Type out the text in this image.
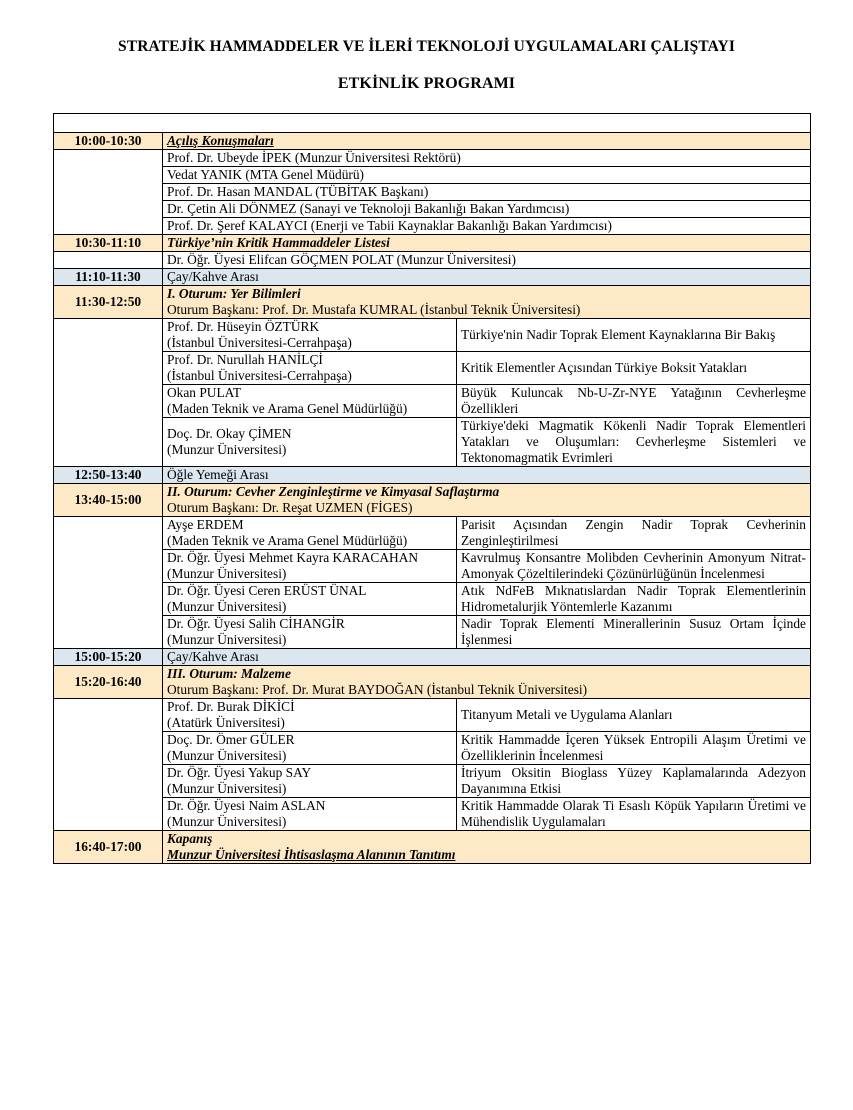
STRATEJİK HAMMADDELER VE İLERİ TEKNOLOJİ UYGULAMALARI ÇALIŞTAYI
ETKİNLİK PROGRAMI

10:00-10:30	Açılış Konuşmaları	
	Prof. Dr. Ubeyde İPEK (Munzur Üniversitesi Rektörü)	
	Vedat YANIK (MTA Genel Müdürü)	
	Prof. Dr. Hasan MANDAL (TÜBİTAK Başkanı)	
	Dr. Çetin Ali DÖNMEZ (Sanayi ve Teknoloji Bakanlığı Bakan Yardımcısı)	
	Prof. Dr. Şeref KALAYCI (Enerji ve Tabii Kaynaklar Bakanlığı Bakan Yardımcısı)	
10:30-11:10	Türkiye’nin Kritik Hammaddeler Listesi	
	Dr. Öğr. Üyesi Elifcan GÖÇMEN POLAT (Munzur Üniversitesi)	
11:10-11:30	Çay/Kahve Arası	
11:30-12:50	I. Oturum: Yer Bilimleri
Oturum Başkanı: Prof. Dr. Mustafa KUMRAL (İstanbul Teknik Üniversitesi)	

	Prof. Dr. Hüseyin ÖZTÜRK
(İstanbul Üniversitesi-Cerrahpaşa)	Türkiye'nin Nadir Toprak Element Kaynaklarına Bir Bakış

	Prof. Dr. Nurullah HANİLÇİ
(İstanbul Üniversitesi-Cerrahpaşa)	Kritik Elementler Açısından Türkiye Boksit Yatakları

	Okan PULAT
(Maden Teknik ve Arama Genel Müdürlüğü)	Büyük Kuluncak Nb-U-Zr-NYE Yatağının Cevherleşme Özellikleri

	Doç. Dr. Okay ÇİMEN
(Munzur Üniversitesi)	Türkiye'deki Magmatik Kökenli Nadir Toprak Elementleri Yatakları ve Oluşumları: Cevherleşme Sistemleri ve Tektonomagmatik Evrimleri
12:50-13:40	Öğle Yemeği Arası	
13:40-15:00	II. Oturum: Cevher Zenginleştirme ve Kimyasal Saflaştırma
Oturum Başkanı: Dr. Reşat UZMEN (FİGES)	

	Ayşe ERDEM
(Maden Teknik ve Arama Genel Müdürlüğü)	Parisit Açısından Zengin Nadir Toprak Cevherinin Zenginleştirilmesi

	Dr. Öğr. Üyesi Mehmet Kayra KARACAHAN
(Munzur Üniversitesi)	Kavrulmuş Konsantre Molibden Cevherinin Amonyum Nitrat-Amonyak Çözeltilerindeki Çözünürlüğünün İncelenmesi

	Dr. Öğr. Üyesi Ceren ERÜST ÜNAL
(Munzur Üniversitesi)	Atık NdFeB Mıknatıslardan Nadir Toprak Elementlerinin Hidrometalurjik Yöntemlerle Kazanımı

	Dr. Öğr. Üyesi Salih CİHANGİR
(Munzur Üniversitesi)	Nadir Toprak Elementi Minerallerinin Susuz Ortam İçinde İşlenmesi
15:00-15:20	Çay/Kahve Arası	
15:20-16:40	III. Oturum: Malzeme
Oturum Başkanı: Prof. Dr. Murat BAYDOĞAN (İstanbul Teknik Üniversitesi)	

	Prof. Dr. Burak DİKİCİ
(Atatürk Üniversitesi)	Titanyum Metali ve Uygulama Alanları

	Doç. Dr. Ömer GÜLER
(Munzur Üniversitesi)	Kritik Hammadde İçeren Yüksek Entropili Alaşım Üretimi ve Özelliklerinin İncelenmesi

	Dr. Öğr. Üyesi Yakup SAY
(Munzur Üniversitesi)	İtriyum Oksitin Bioglass Yüzey Kaplamalarında Adezyon Dayanımına Etkisi

	Dr. Öğr. Üyesi Naim ASLAN
(Munzur Üniversitesi)	Kritik Hammadde Olarak Ti Esaslı Köpük Yapıların Üretimi ve Mühendislik Uygulamaları
16:40-17:00	Kapanış
Munzur Üniversitesi İhtisaslaşma Alanının Tanıtımı	
